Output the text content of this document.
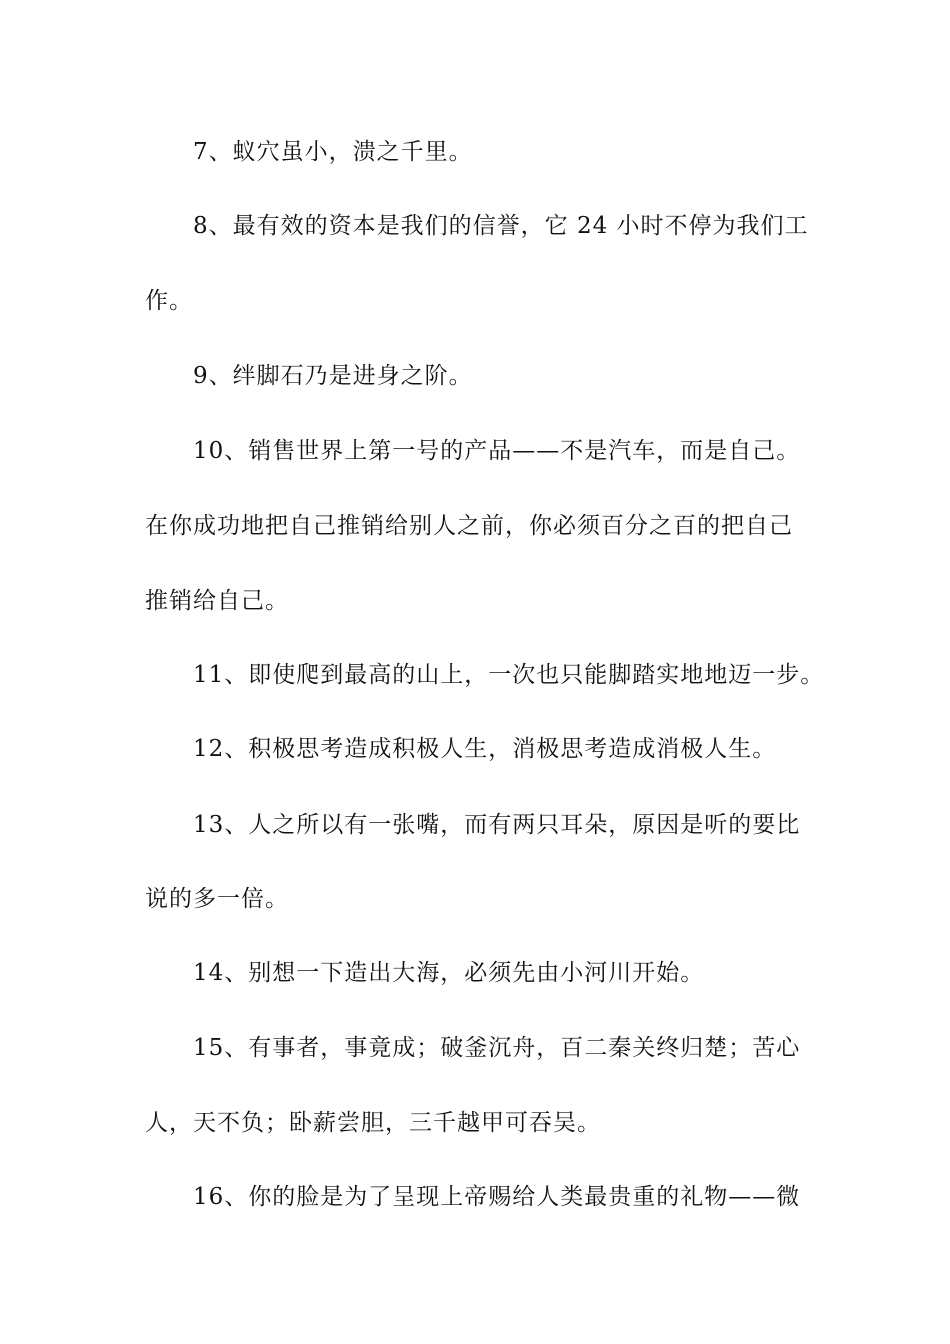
7、蚁穴虽小，溃之千里。
8、最有效的资本是我们的信誉，它 24 小时不停为我们工
作。
9、绊脚石乃是进身之阶。
10、销售世界上第一号的产品——不是汽车，而是自己。
在你成功地把自己推销给别人之前，你必须百分之百的把自己
推销给自己。
11、即使爬到最高的山上，一次也只能脚踏实地地迈一步。
12、积极思考造成积极人生，消极思考造成消极人生。
13、人之所以有一张嘴，而有两只耳朵，原因是听的要比
说的多一倍。
14、别想一下造出大海，必须先由小河川开始。
15、有事者，事竟成；破釜沉舟，百二秦关终归楚；苦心
人，天不负；卧薪尝胆，三千越甲可吞吴。
16、你的脸是为了呈现上帝赐给人类最贵重的礼物——微
